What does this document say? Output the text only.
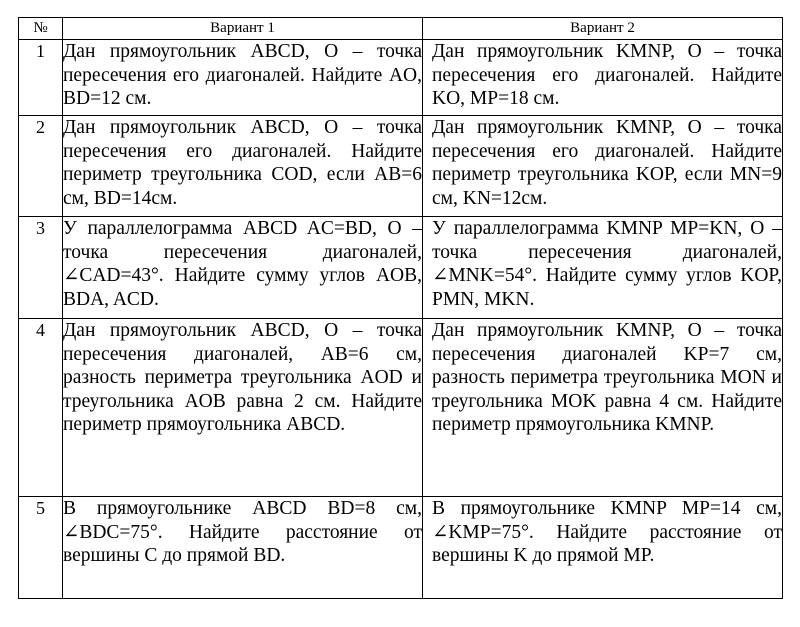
№	Вариант 1	Вариант 2
1	Дан прямоугольник ABCD, O – точка пересечения его диагоналей. Найдите AO, BD=12 см.	Дан прямоугольник KMNP, O – точка пересечения его диагоналей. Найдите KO, MP=18 см.
2	Дан прямоугольник ABCD, O – точка пересечения его диагоналей. Найдите периметр треугольника COD, если AB=6 см, BD=14см.	Дан прямоугольник KMNP, O – точка пересечения его диагоналей. Найдите периметр треугольника KOP, если MN=9 см, KN=12см.
3	У параллелограмма ABCD AC=BD, O – точка пересечения диагоналей, ∠CAD=43°. Найдите сумму углов AOB, BDA, ACD.	У параллелограмма KMNP MP=KN, O – точка пересечения диагоналей, ∠MNK=54°. Найдите сумму углов KOP, PMN, MKN.
4	Дан прямоугольник ABCD, O – точка пересечения диагоналей, AB=6 см, разность периметра треугольника AOD и треугольника AOB равна 2 см. Найдите периметр прямоугольника ABCD.	Дан прямоугольник KMNP, O – точка пересечения диагоналей KP=7 см, разность периметра треугольника MON и треугольника MOK равна 4 см. Найдите периметр прямоугольника KMNP.
5	В прямоугольнике ABCD BD=8 см, ∠BDC=75°. Найдите расстояние от вершины C до прямой BD.	В прямоугольнике KMNP MP=14 см, ∠KMP=75°. Найдите расстояние от вершины K до прямой MP.
